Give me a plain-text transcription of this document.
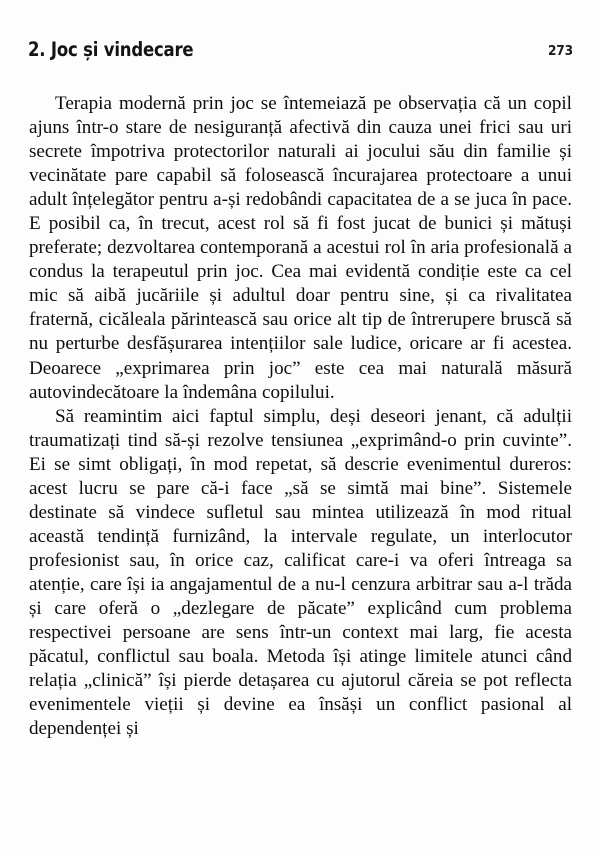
2. Joc și vindecare	273

Terapia modernă prin joc se întemeiază pe observația că un copil ajuns într-o stare de nesiguranță afectivă din cauza unei frici sau uri secrete împotriva protectorilor naturali ai jocului său din familie și vecinătate pare capabil să folosească încurajarea protectoare a unui adult înțelegător pentru a-și redobândi capacitatea de a se juca în pace. E posibil ca, în trecut, acest rol să fi fost jucat de bunici și mătuși preferate; dezvoltarea contemporană a acestui rol în aria profesională a condus la terapeutul prin joc. Cea mai evidentă condiție este ca cel mic să aibă jucăriile și adultul doar pentru sine, și ca rivalitatea fraternă, cicăleala părintească sau orice alt tip de întrerupere bruscă să nu perturbe desfășurarea intențiilor sale ludice, oricare ar fi acestea. Deoarece „exprimarea prin joc” este cea mai naturală măsură autovindecătoare la îndemâna copilului.

Să reamintim aici faptul simplu, deși deseori jenant, că adulții traumatizați tind să-și rezolve tensiunea „exprimând-o prin cuvinte”. Ei se simt obligați, în mod repetat, să descrie evenimentul dureros: acest lucru se pare că-i face „să se simtă mai bine”. Sistemele destinate să vindece sufletul sau mintea utilizează în mod ritual această tendință furnizând, la intervale regulate, un interlocutor profesionist sau, în orice caz, calificat care-i va oferi întreaga sa atenție, care își ia angajamentul de a nu-l cenzura arbitrar sau a-l trăda și care oferă o „dezlegare de păcate” explicând cum problema respectivei persoane are sens într-un context mai larg, fie acesta păcatul, conflictul sau boala. Metoda își atinge limitele atunci când relația „clinică” își pierde detașarea cu ajutorul căreia se pot reflecta evenimentele vieții și devine ea însăși un conflict pasional al dependenței și
